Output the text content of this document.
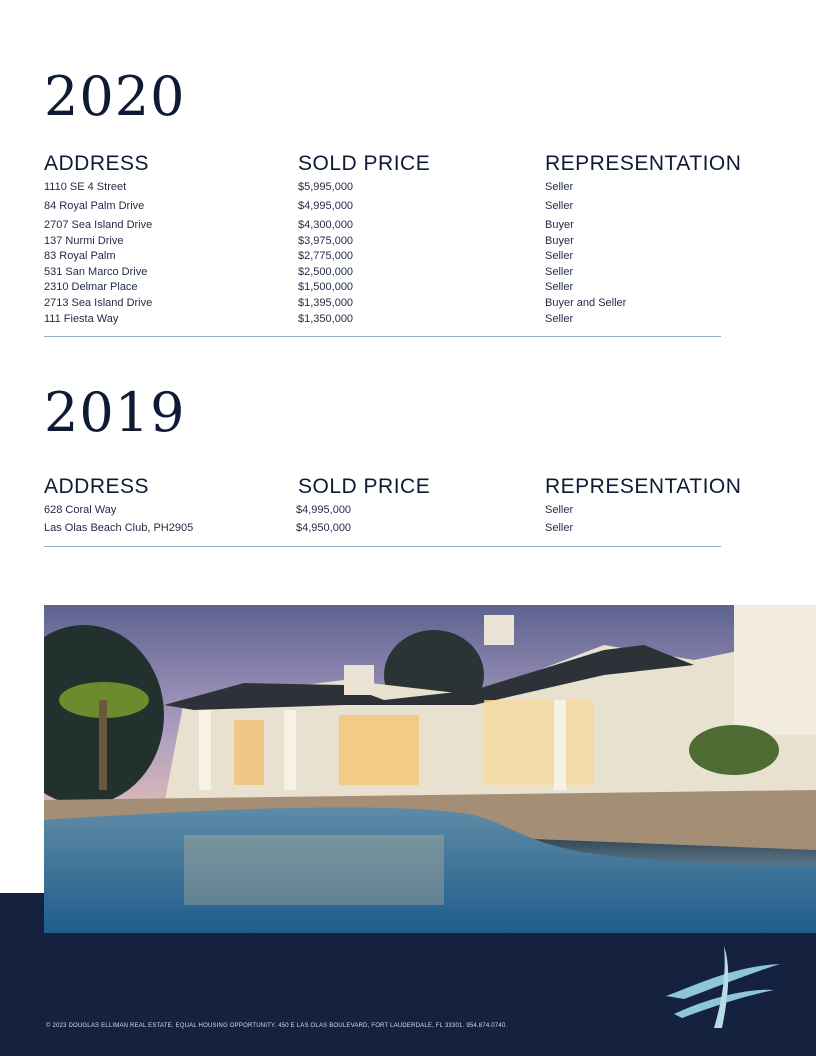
2020
ADDRESS	SOLD PRICE	REPRESENTATION
1110 SE 4 Street	$5,995,000	Seller
84 Royal Palm Drive	$4,995,000	Seller
2707 Sea Island Drive	$4,300,000	Buyer
137 Nurmi Drive	$3,975,000	Buyer
83 Royal Palm	$2,775,000	Seller
531 San Marco Drive	$2,500,000	Seller
2310 Delmar Place	$1,500,000	Seller
2713 Sea Island Drive	$1,395,000	Buyer and Seller
111 Fiesta Way	$1,350,000	Seller
2019
ADDRESS	SOLD PRICE	REPRESENTATION
628 Coral Way	$4,995,000	Seller
Las Olas Beach Club, PH2905	$4,950,000	Seller
© 2023 DOUGLAS ELLIMAN REAL ESTATE. EQUAL HOUSING OPPORTUNITY. 450 E LAS OLAS BOULEVARD, FORT LAUDERDALE, FL 33301. 954.874.0740.
